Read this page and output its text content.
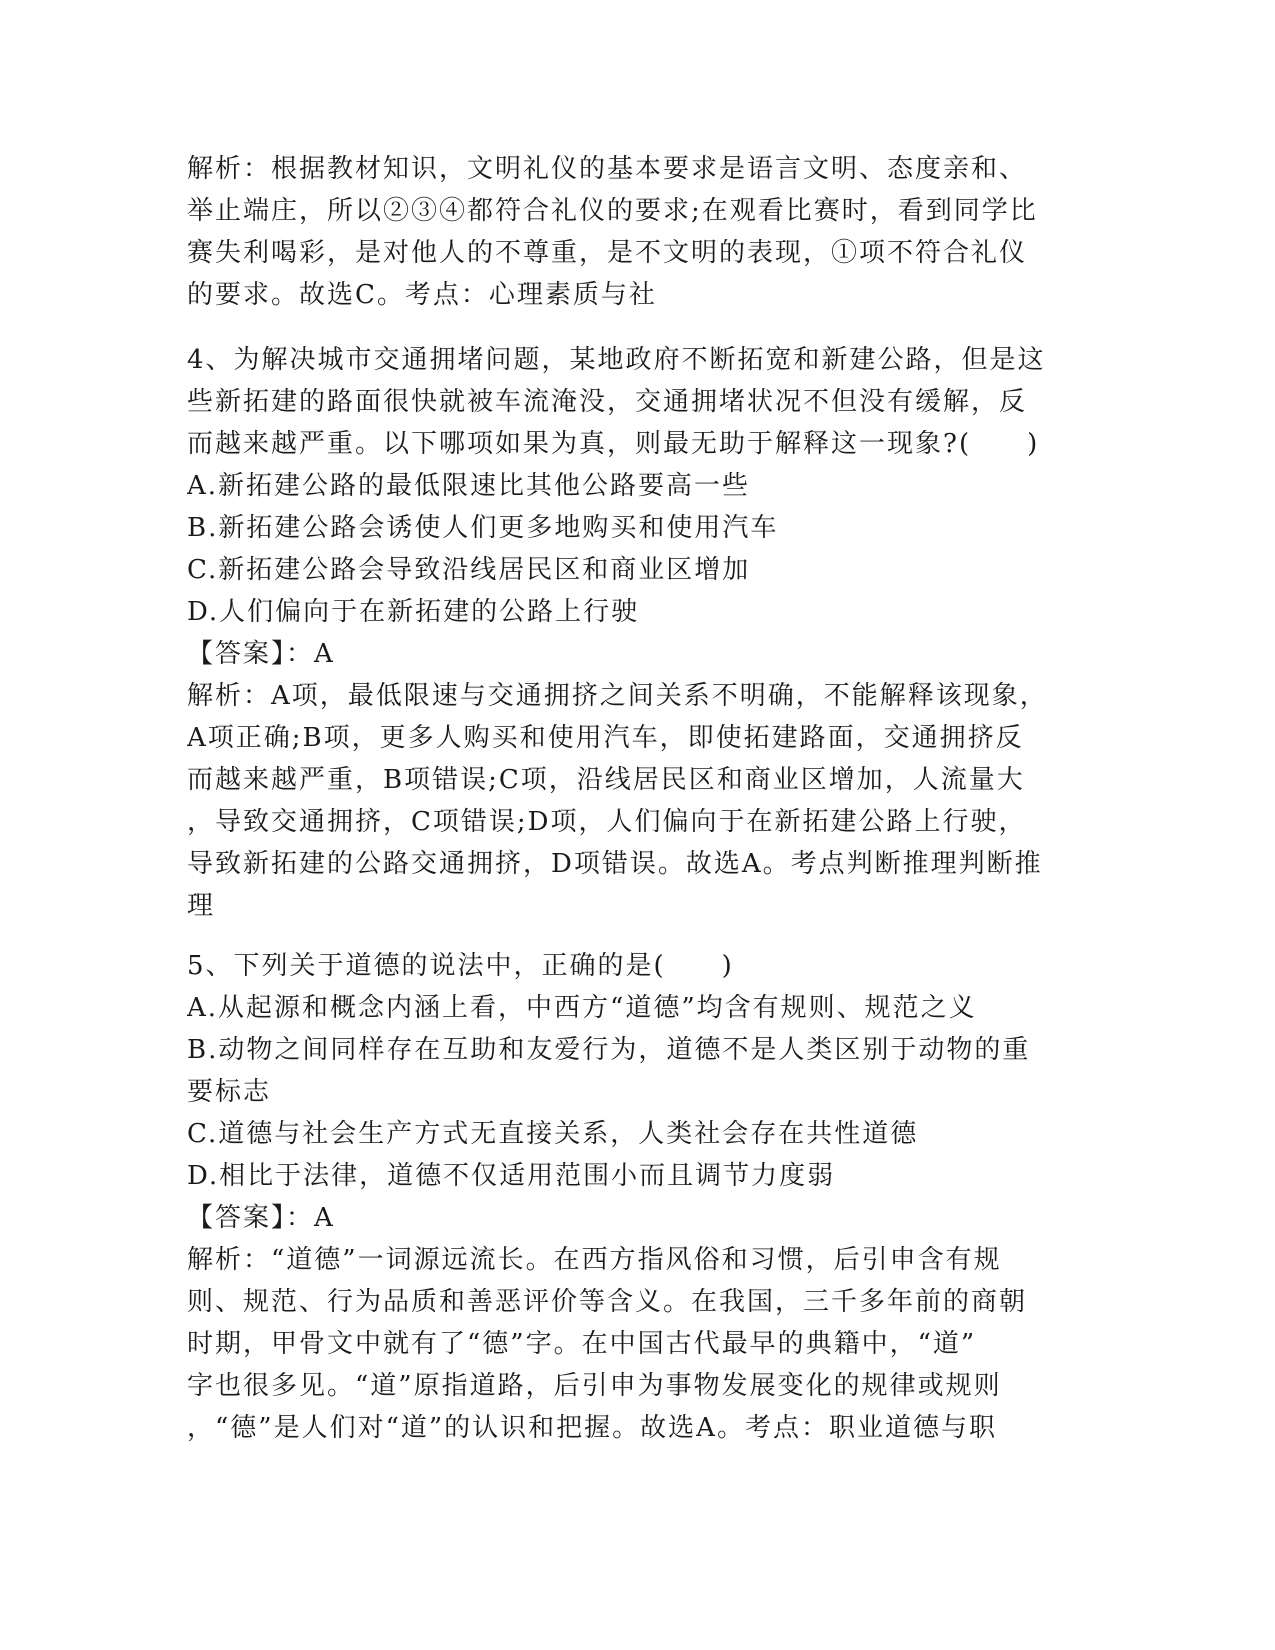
解析：根据教材知识，文明礼仪的基本要求是语言文明、态度亲和、
举止端庄，所以②③④都符合礼仪的要求;在观看比赛时，看到同学比
赛失利喝彩，是对他人的不尊重，是不文明的表现，①项不符合礼仪
的要求。故选C。考点：心理素质与社
4、为解决城市交通拥堵问题，某地政府不断拓宽和新建公路，但是这
些新拓建的路面很快就被车流淹没，交通拥堵状况不但没有缓解，反
而越来越严重。以下哪项如果为真，则最无助于解释这一现象?(　　)
A.新拓建公路的最低限速比其他公路要高一些
B.新拓建公路会诱使人们更多地购买和使用汽车
C.新拓建公路会导致沿线居民区和商业区增加
D.人们偏向于在新拓建的公路上行驶
【答案】：A
解析：A项，最低限速与交通拥挤之间关系不明确，不能解释该现象，
A项正确;B项，更多人购买和使用汽车，即使拓建路面，交通拥挤反
而越来越严重，B项错误;C项，沿线居民区和商业区增加，人流量大
，导致交通拥挤，C项错误;D项，人们偏向于在新拓建公路上行驶，
导致新拓建的公路交通拥挤，D项错误。故选A。考点判断推理判断推
理
5、下列关于道德的说法中，正确的是(　　)
A.从起源和概念内涵上看，中西方“道德”均含有规则、规范之义
B.动物之间同样存在互助和友爱行为，道德不是人类区别于动物的重
要标志
C.道德与社会生产方式无直接关系，人类社会存在共性道德
D.相比于法律，道德不仅适用范围小而且调节力度弱
【答案】：A
解析：“道德”一词源远流长。在西方指风俗和习惯，后引申含有规
则、规范、行为品质和善恶评价等含义。在我国，三千多年前的商朝
时期，甲骨文中就有了“德”字。在中国古代最早的典籍中，“道”
字也很多见。“道”原指道路，后引申为事物发展变化的规律或规则
，“德”是人们对“道”的认识和把握。故选A。考点：职业道德与职
